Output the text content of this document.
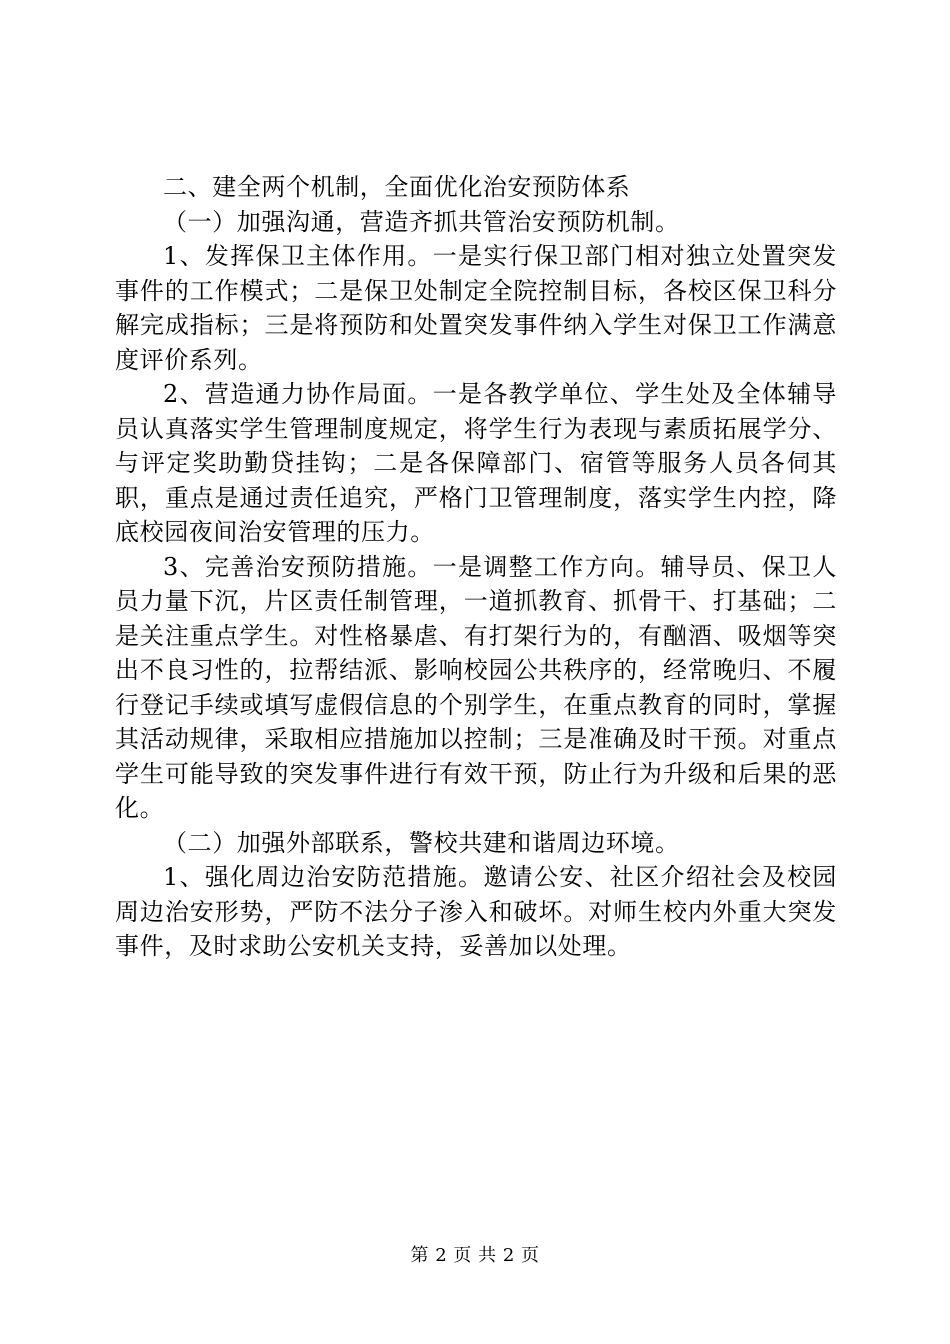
二、建全两个机制，全面优化治安预防体系

（一）加强沟通，营造齐抓共管治安预防机制。

1、发挥保卫主体作用。一是实行保卫部门相对独立处置突发事件的工作模式；二是保卫处制定全院控制目标，各校区保卫科分解完成指标；三是将预防和处置突发事件纳入学生对保卫工作满意度评价系列。

2、营造通力协作局面。一是各教学单位、学生处及全体辅导员认真落实学生管理制度规定，将学生行为表现与素质拓展学分、与评定奖助勤贷挂钩；二是各保障部门、宿管等服务人员各伺其职，重点是通过责任追究，严格门卫管理制度，落实学生内控，降底校园夜间治安管理的压力。

3、完善治安预防措施。一是调整工作方向。辅导员、保卫人员力量下沉，片区责任制管理，一道抓教育、抓骨干、打基础；二是关注重点学生。对性格暴虐、有打架行为的，有酗酒、吸烟等突出不良习性的，拉帮结派、影响校园公共秩序的，经常晚归、不履行登记手续或填写虚假信息的个别学生，在重点教育的同时，掌握其活动规律，采取相应措施加以控制；三是准确及时干预。对重点学生可能导致的突发事件进行有效干预，防止行为升级和后果的恶化。

（二）加强外部联系，警校共建和谐周边环境。

1、强化周边治安防范措施。邀请公安、社区介绍社会及校园周边治安形势，严防不法分子渗入和破坏。对师生校内外重大突发事件，及时求助公安机关支持，妥善加以处理。

第 2 页 共 2 页
